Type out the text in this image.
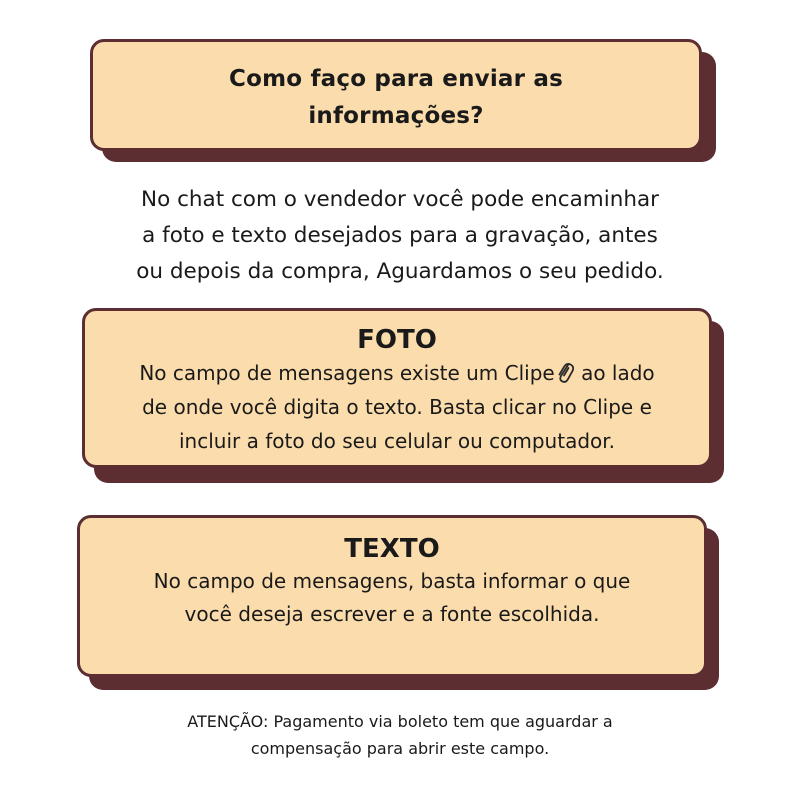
Como faço para enviar as
informações?
No chat com o vendedor você pode encaminhar
a foto e texto desejados para a gravação, antes
ou depois da compra, Aguardamos o seu pedido.
FOTO
No campo de mensagens existe um Clipe ao lado
de onde você digita o texto. Basta clicar no Clipe e
incluir a foto do seu celular ou computador.
TEXTO
No campo de mensagens, basta informar o que
você deseja escrever e a fonte escolhida.
ATENÇÃO: Pagamento via boleto tem que aguardar a
compensação para abrir este campo.
